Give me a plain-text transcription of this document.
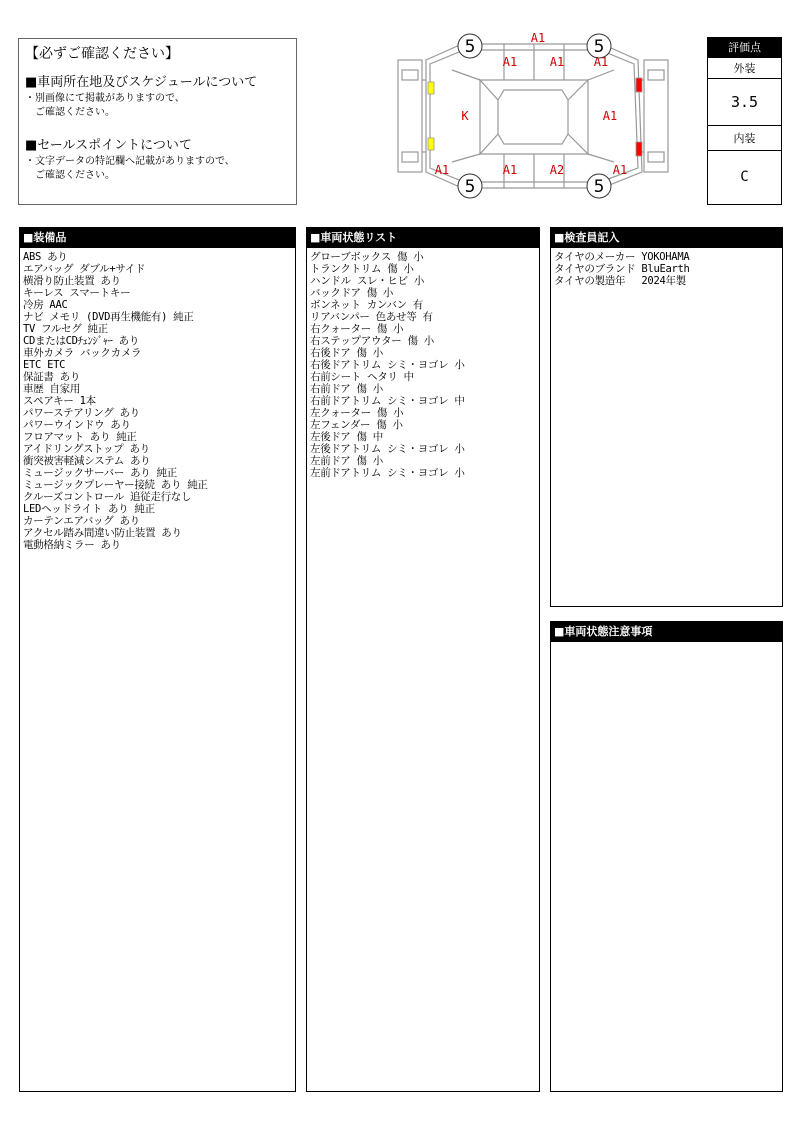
【必ずご確認ください】

■車両所在地及びスケジュールについて

・別画像にて掲載がありますので、
　ご確認ください。

■セールスポイントについて

・文字データの特記欄へ記載がありますので、
　ご確認ください。

5	5
5	5
A1
A1	A1 A1
K	A1
A1	A1	A2	A1
評価点
外装
3.5
内装
C
■装備品
ABS あり
エアバッグ ダブル+サイド
横滑り防止装置 あり
キーレス スマートキー
冷房 AAC
ナビ メモリ (DVD再生機能有) 純正
TV フルセグ 純正
CDまたはCDﾁｪﾝｼﾞｬｰ あり
車外カメラ バックカメラ
ETC ETC
保証書 あり
車歴 自家用
スペアキー 1本
パワーステアリング あり
パワーウインドウ あり
フロアマット あり 純正
アイドリングストップ あり
衝突被害軽減システム あり
ミュージックサーバー あり 純正
ミュージックプレーヤー接続 あり 純正
クルーズコントロール 追従走行なし
LEDヘッドライト あり 純正
カーテンエアバッグ あり
アクセル踏み間違い防止装置 あり
電動格納ミラー あり
■車両状態リスト
グローブボックス 傷 小
トランクトリム 傷 小
ハンドル スレ・ヒビ 小
バックドア 傷 小
ボンネット カンバン 有
リアバンパー 色あせ等 有
右クォーター 傷 小
右ステップアウター 傷 小
右後ドア 傷 小
右後ドアトリム シミ・ヨゴレ 小
右前シート ヘタリ 中
右前ドア 傷 小
右前ドアトリム シミ・ヨゴレ 中
左クォーター 傷 小
左フェンダー 傷 小
左後ドア 傷 中
左後ドアトリム シミ・ヨゴレ 小
左前ドア 傷 小
左前ドアトリム シミ・ヨゴレ 小
■検査員記入
タイヤのメーカー YOKOHAMA
タイヤのブランド BluEarth
タイヤの製造年　 2024年製
■車両状態注意事項
